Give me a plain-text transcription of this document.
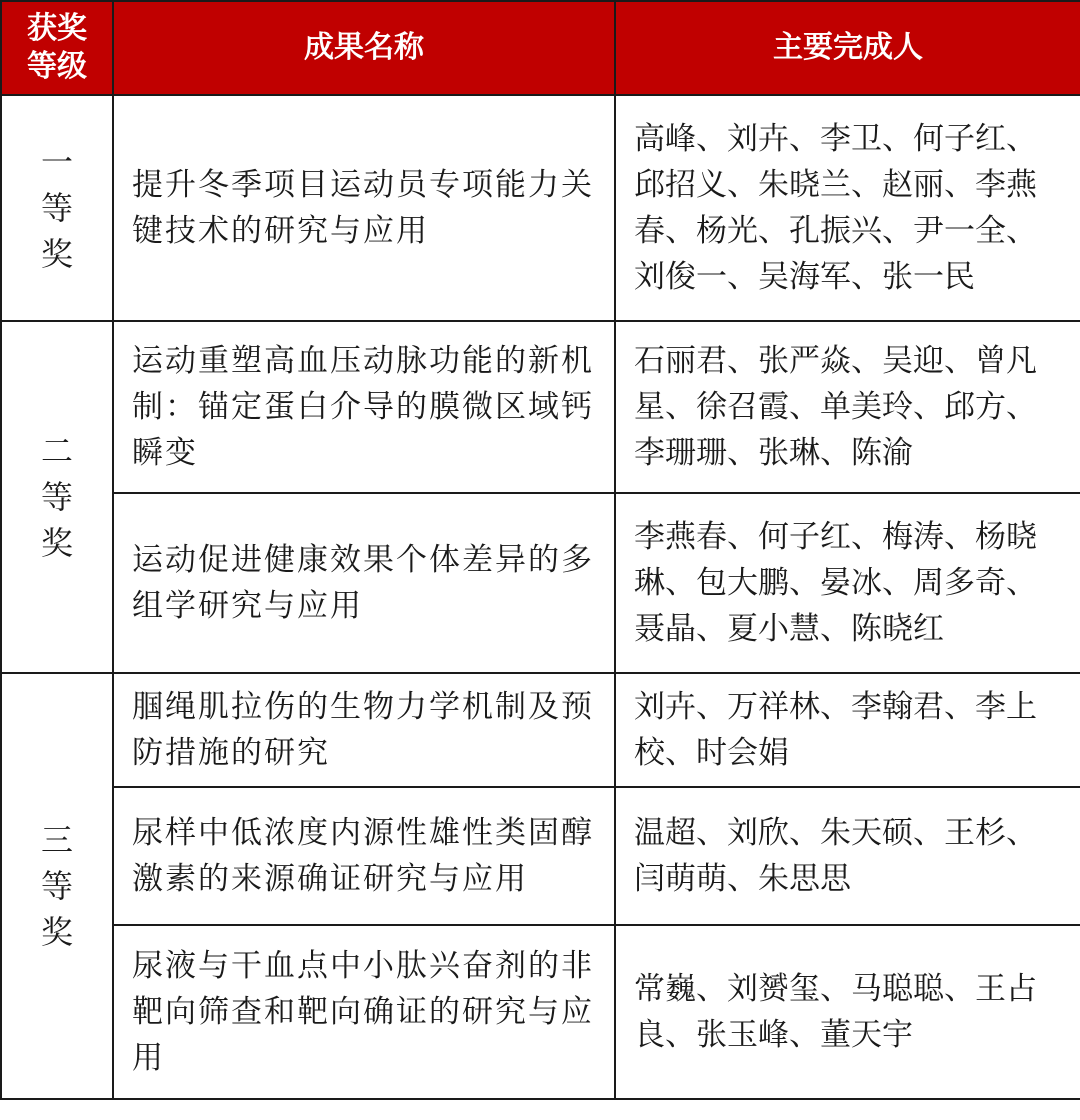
获奖等级	成果名称	主要完成人
一等奖	提升冬季项目运动员专项能力关键技术的研究与应用	高峰、刘卉、李卫、何子红、邱招义、朱晓兰、赵丽、李燕春、杨光、孔振兴、尹一全、刘俊一、吴海军、张一民
二等奖	运动重塑高血压动脉功能的新机制：锚定蛋白介导的膜微区域钙瞬变	石丽君、张严焱、吴迎、曾凡星、徐召霞、单美玲、邱方、李珊珊、张琳、陈渝
	运动促进健康效果个体差异的多组学研究与应用	李燕春、何子红、梅涛、杨晓琳、包大鹏、晏冰、周多奇、聂晶、夏小慧、陈晓红
三等奖	腘绳肌拉伤的生物力学机制及预防措施的研究	刘卉、万祥林、李翰君、李上校、时会娟
	尿样中低浓度内源性雄性类固醇激素的来源确证研究与应用	温超、刘欣、朱天硕、王杉、闫萌萌、朱思思
	尿液与干血点中小肽兴奋剂的非靶向筛查和靶向确证的研究与应用	常巍、刘赟玺、马聪聪、王占良、张玉峰、董天宇
